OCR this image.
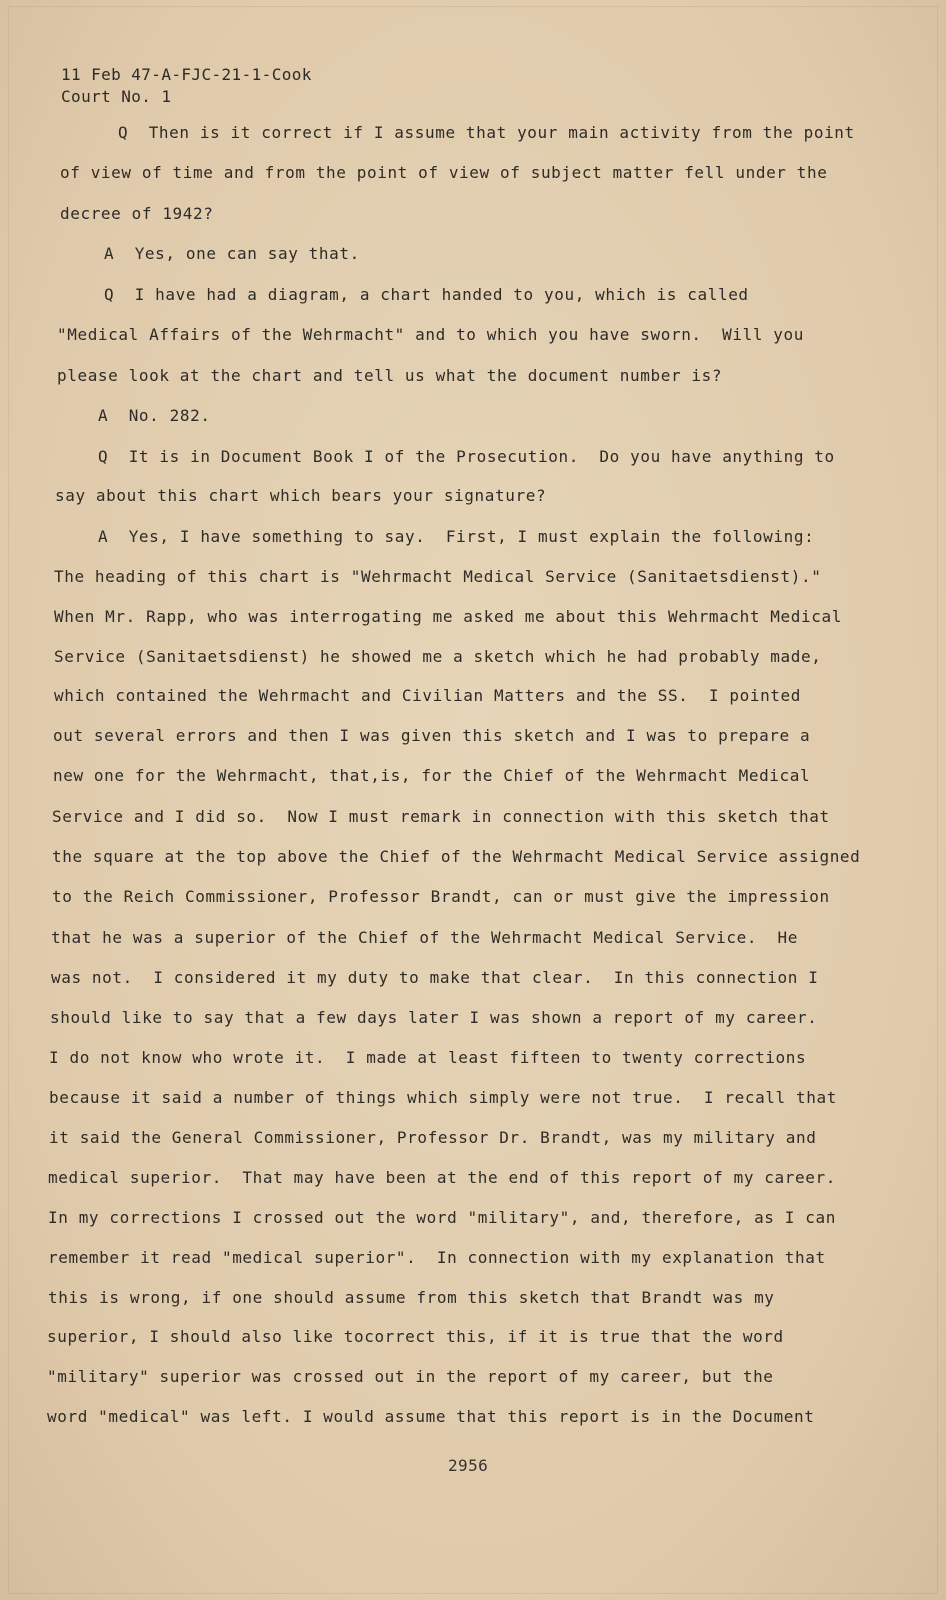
11 Feb 47-A-FJC-21-1-Cook
Court No. 1
Q  Then is it correct if I assume that your main activity from the point
of view of time and from the point of view of subject matter fell under the
decree of 1942?
A  Yes, one can say that.
Q  I have had a diagram, a chart handed to you, which is called
"Medical Affairs of the Wehrmacht" and to which you have sworn.  Will you
please look at the chart and tell us what the document number is?
A  No. 282.
Q  It is in Document Book I of the Prosecution.  Do you have anything to
say about this chart which bears your signature?
A  Yes, I have something to say.  First, I must explain the following:
The heading of this chart is "Wehrmacht Medical Service (Sanitaetsdienst)."
When Mr. Rapp, who was interrogating me asked me about this Wehrmacht Medical
Service (Sanitaetsdienst) he showed me a sketch which he had probably made,
which contained the Wehrmacht and Civilian Matters and the SS.  I pointed
out several errors and then I was given this sketch and I was to prepare a
new one for the Wehrmacht, that,is, for the Chief of the Wehrmacht Medical
Service and I did so.  Now I must remark in connection with this sketch that
the square at the top above the Chief of the Wehrmacht Medical Service assigned
to the Reich Commissioner, Professor Brandt, can or must give the impression
that he was a superior of the Chief of the Wehrmacht Medical Service.  He
was not.  I considered it my duty to make that clear.  In this connection I
should like to say that a few days later I was shown a report of my career.
I do not know who wrote it.  I made at least fifteen to twenty corrections
because it said a number of things which simply were not true.  I recall that
it said the General Commissioner, Professor Dr. Brandt, was my military and
medical superior.  That may have been at the end of this report of my career.
In my corrections I crossed out the word "military", and, therefore, as I can
remember it read "medical superior".  In connection with my explanation that
this is wrong, if one should assume from this sketch that Brandt was my
superior, I should also like tocorrect this, if it is true that the word
"military" superior was crossed out in the report of my career, but the
word "medical" was left. I would assume that this report is in the Document
2956
